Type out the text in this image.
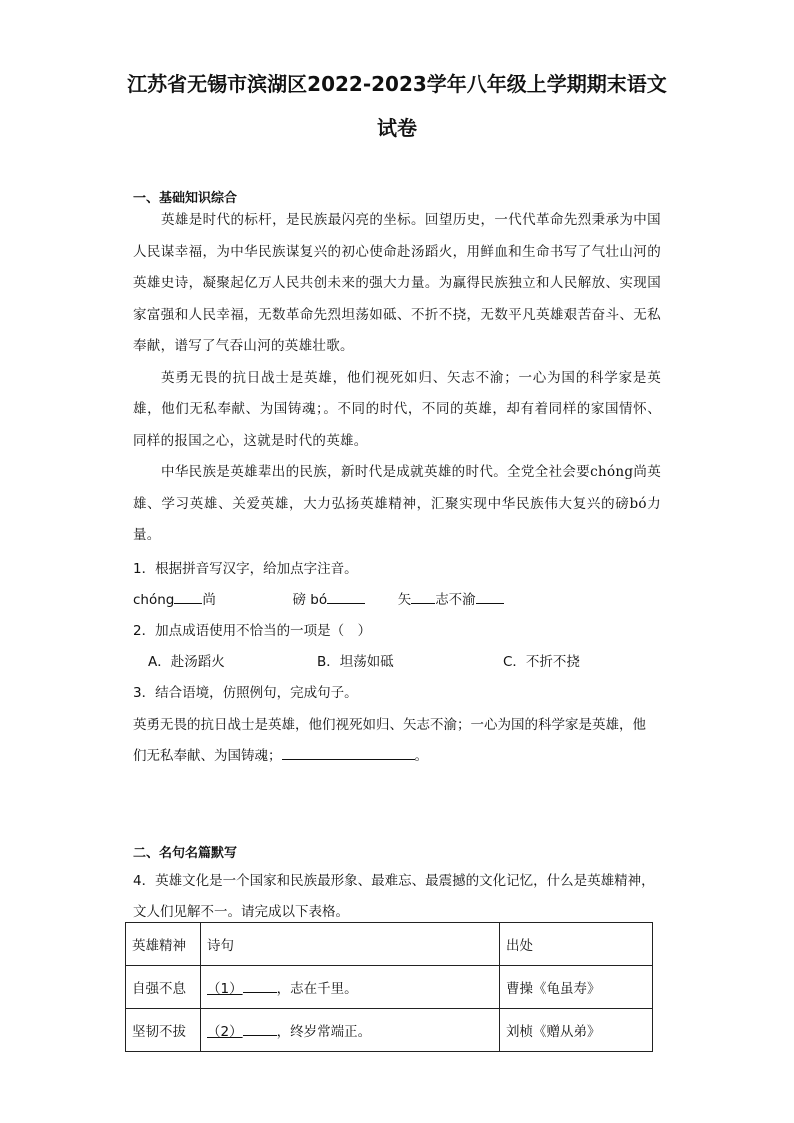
江苏省无锡市滨湖区2022-2023学年八年级上学期期末语文
试卷
一、基础知识综合

英雄是时代的标杆，是民族最闪亮的坐标。回望历史，一代代革命先烈秉承为中国人民谋幸福，为中华民族谋复兴的初心使命赴汤蹈火，用鲜血和生命书写了气壮山河的英雄史诗，凝聚起亿万人民共创未来的强大力量。为赢得民族独立和人民解放、实现国家富强和人民幸福，无数革命先烈坦荡如砥、不折不挠，无数平凡英雄艰苦奋斗、无私奉献，谱写了气吞山河的英雄壮歌。

英勇无畏的抗日战士是英雄，他们视死如归、矢志不渝；一心为国的科学家是英雄，他们无私奉献、为国铸魂；。不同的时代，不同的英雄，却有着同样的家国情怀、同样的报国之心，这就是时代的英雄。

中华民族是英雄辈出的民族，新时代是成就英雄的时代。全党全社会要chóng尚英雄、学习英雄、关爱英雄，大力弘扬英雄精神，汇聚实现中华民族伟大复兴的磅bó力量。

1．根据拼音写汉字，给加点字注音。
chóng 尚	磅 bó	矢 志不渝
2．加点成语使用不恰当的一项是（　）
A．赴汤蹈火	B．坦荡如砥	C．不折不挠
3．结合语境，仿照例句，完成句子。
英勇无畏的抗日战士是英雄，他们视死如归、矢志不渝；一心为国的科学家是英雄，他
们无私奉献、为国铸魂；	。
二、名句名篇默写
4．英雄文化是一个国家和民族最形象、最难忘、最震撼的文化记忆，什么是英雄精神，
文人们见解不一。请完成以下表格。
英雄精神	诗句	出处
自强不息	（1） ，志在千里。	曹操《龟虽寿》
坚韧不拔	（2） ，终岁常端正。	刘桢《赠从弟》
